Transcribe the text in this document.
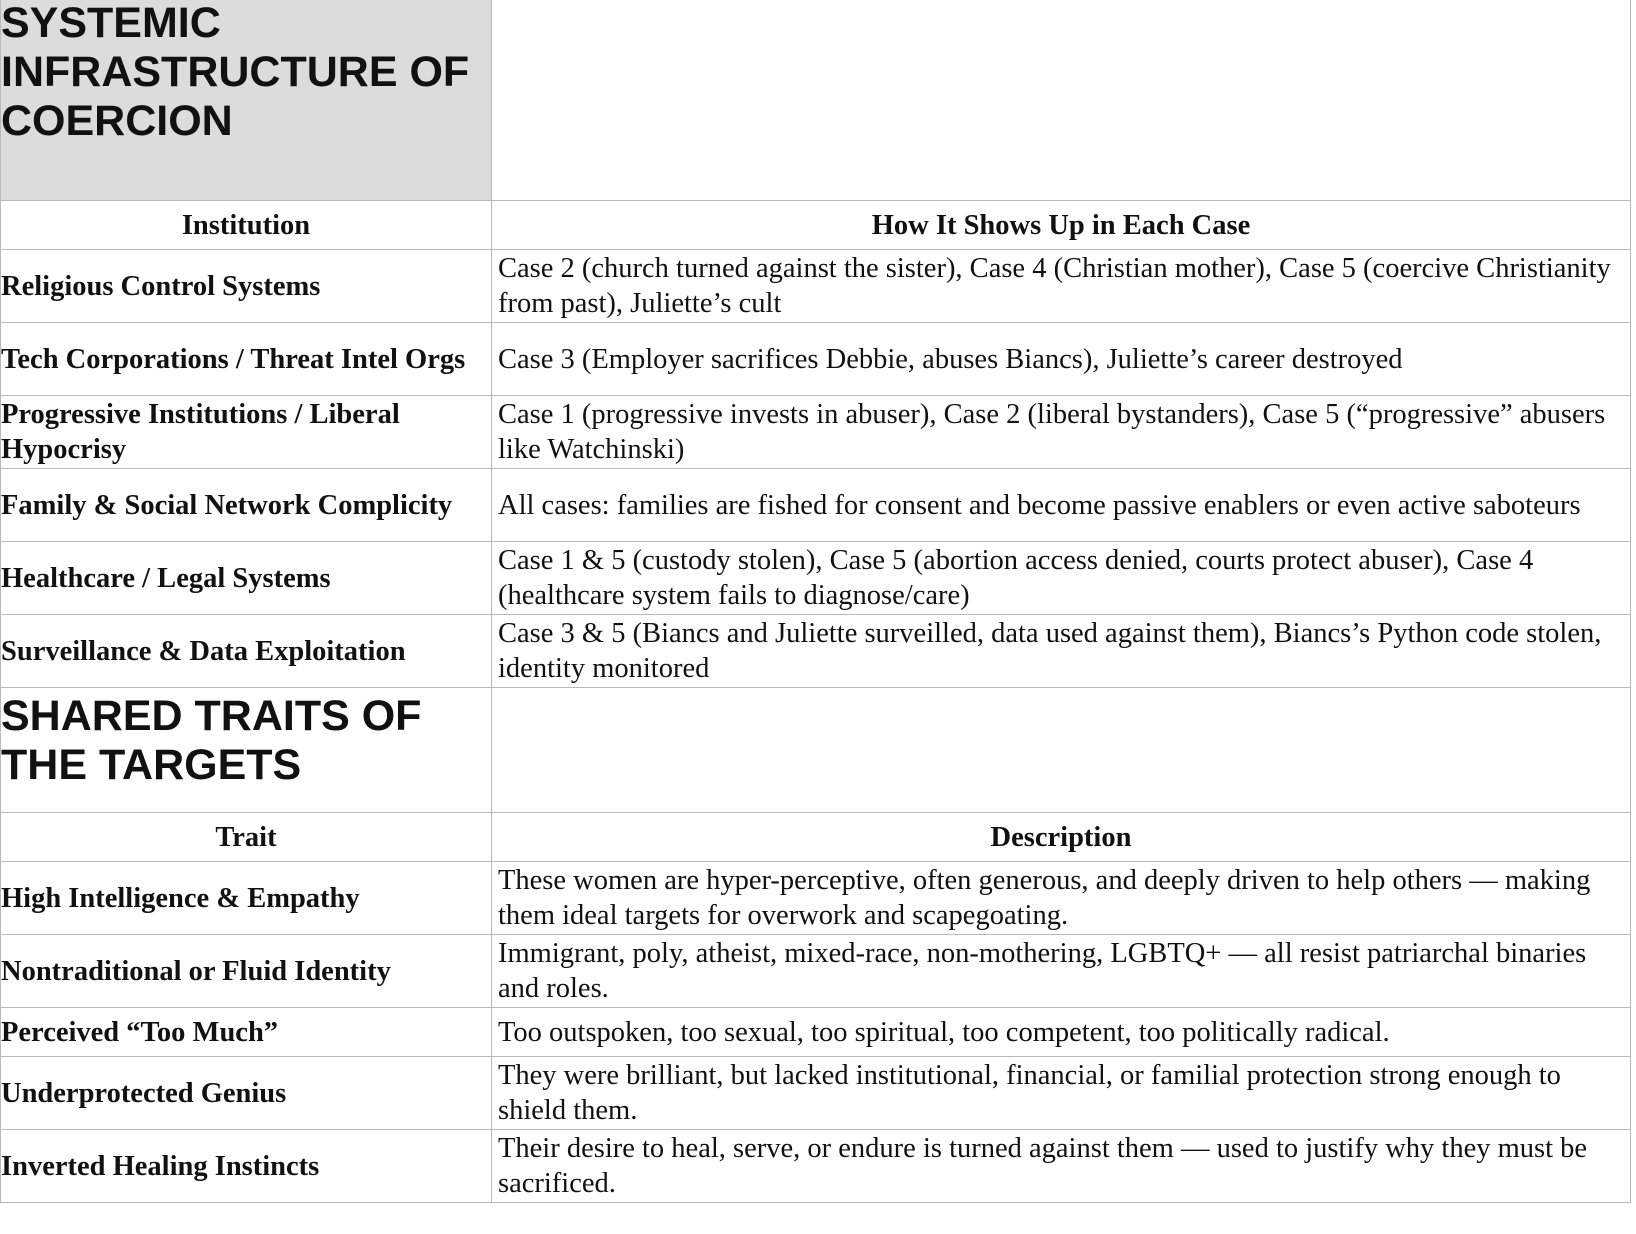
SYSTEMIC INFRASTRUCTURE OF COERCION	

Institution	How It Shows Up in Each Case
Religious Control Systems	Case 2 (church turned against the sister), Case 4 (Christian mother), Case 5 (coercive Christianity from past), Juliette’s cult
Tech Corporations / Threat Intel Orgs	Case 3 (Employer sacrifices Debbie, abuses Biancs), Juliette’s career destroyed
Progressive Institutions / Liberal Hypocrisy	Case 1 (progressive invests in abuser), Case 2 (liberal bystanders), Case 5 (“progressive” abusers like Watchinski)
Family & Social Network Complicity	All cases: families are fished for consent and become passive enablers or even active saboteurs
Healthcare / Legal Systems	Case 1 & 5 (custody stolen), Case 5 (abortion access denied, courts protect abuser), Case 4 (healthcare system fails to diagnose/care)
Surveillance & Data Exploitation	Case 3 & 5 (Biancs and Juliette surveilled, data used against them), Biancs’s Python code stolen, identity monitored

SHARED TRAITS OF THE TARGETS	

Trait	Description
High Intelligence & Empathy	These women are hyper-perceptive, often generous, and deeply driven to help others — making them ideal targets for overwork and scapegoating.
Nontraditional or Fluid Identity	Immigrant, poly, atheist, mixed-race, non-mothering, LGBTQ+ — all resist patriarchal binaries and roles.
Perceived “Too Much”	Too outspoken, too sexual, too spiritual, too competent, too politically radical.
Underprotected Genius	They were brilliant, but lacked institutional, financial, or familial protection strong enough to shield them.
Inverted Healing Instincts	Their desire to heal, serve, or endure is turned against them — used to justify why they must be sacrificed.
